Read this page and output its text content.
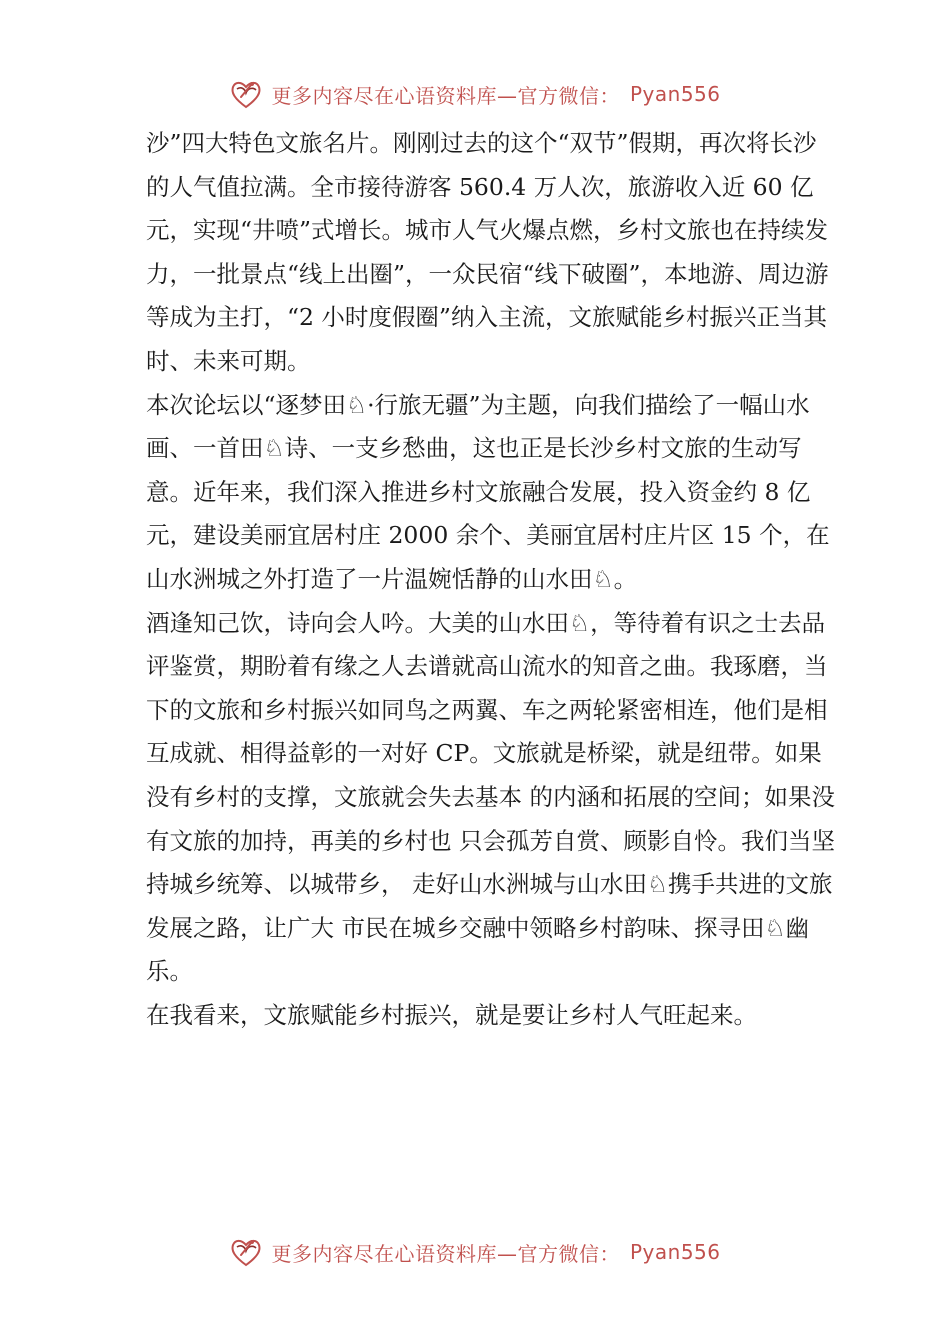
更多内容尽在心语资料库—官方微信： Pyan556

沙”四大特色文旅名片。刚刚过去的这个“双节”假期，再次将长沙的人气值拉满。全市接待游客 560.4 万人次，旅游收入近 60 亿元，实现“井喷”式增长。城市人气火爆点燃，乡村文旅也在持续发力，一批景点“线上出圈”，一众民宿“线下破圈”，本地游、周边游等成为主打，“2 小时度假圈”纳入主流，文旅赋能乡村振兴正当其时、未来可期。

本次论坛以“逐梦田♘·行旅无疆”为主题，向我们描绘了一幅山水画、一首田♘诗、一支乡愁曲，这也正是长沙乡村文旅的生动写意。近年来，我们深入推进乡村文旅融合发展，投入资金约 8 亿元，建设美丽宜居村庄 2000 余个、美丽宜居村庄片区 15 个，在山水洲城之外打造了一片温婉恬静的山水田♘。

酒逢知己饮，诗向会人吟。大美的山水田♘，等待着有识之士去品评鉴赏，期盼着有缘之人去谱就高山流水的知音之曲。我琢磨，当下的文旅和乡村振兴如同鸟之两翼、车之两轮紧密相连，他们是相互成就、相得益彰的一对好 CP。文旅就是桥梁，就是纽带。如果没有乡村的支撑，文旅就会失去基本 的内涵和拓展的空间；如果没有文旅的加持，再美的乡村也 只会孤芳自赏、顾影自怜。我们当坚持城乡统筹、以城带乡， 走好山水洲城与山水田♘携手共进的文旅发展之路，让广大 市民在城乡交融中领略乡村韵味、探寻田♘幽乐。

在我看来，文旅赋能乡村振兴，就是要让乡村人气旺起来。

更多内容尽在心语资料库—官方微信： Pyan556
